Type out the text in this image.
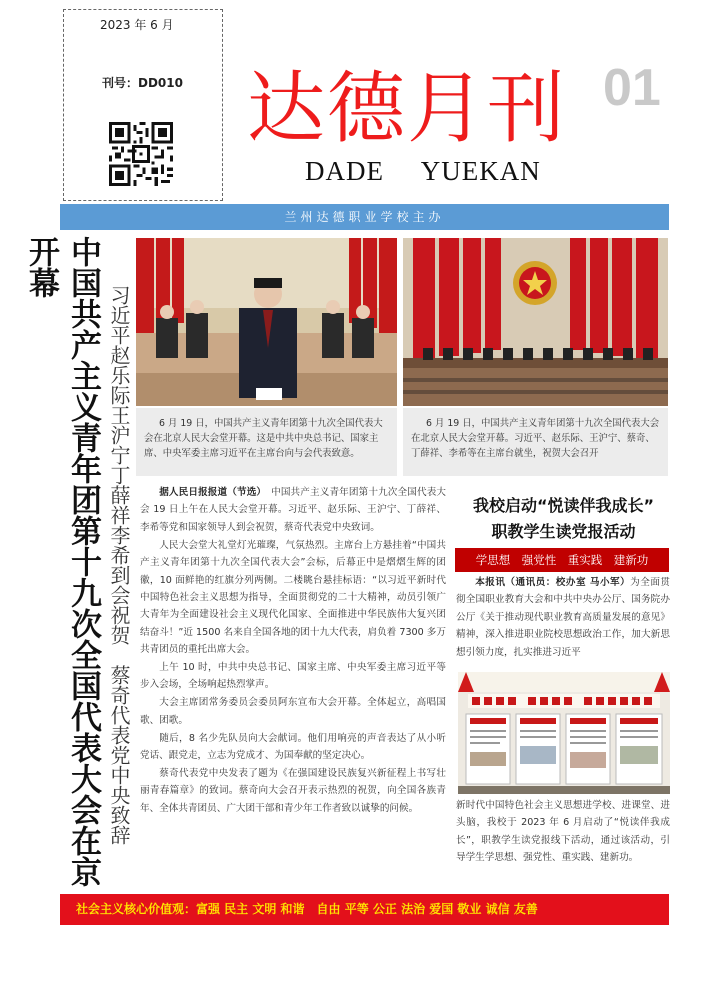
2023 年 6 月
刊号：DD010 达德月刊
DADE YUEKAN
01
兰州达德职业学校主办
中国共产主义青年团第十九次全国代表大会在京开幕
习近平赵乐际王沪宁丁薛祥李希到会祝贺　蔡奇代表党中央致辞	6 月 19 日，中国共产主义青年团第十九次全国代表大会在北京人民大会堂开幕。这是中共中央总书记、国家主席、中央军委主席习近平在主席台向与会代表致意。
6 月 19 日，中国共产主义青年团第十九次全国代表大会在北京人民大会堂开幕。习近平、赵乐际、王沪宁、蔡奇、丁薛祥、李希等在主席台就坐，祝贺大会召开

据人民日报报道（节选）　 中国共产主义青年团第十九次全国代表大会 19 日上午在人民大会堂开幕。习近平、赵乐际、王沪宁、丁薛祥、李希等党和国家领导人到会祝贺，蔡奇代表党中央致词。

人民大会堂大礼堂灯光璀璨，气氛热烈。主席台上方悬挂着“中国共产主义青年团第十九次全国代表大会”会标，后幕正中是熠熠生辉的团徽，10 面鲜艳的红旗分列两侧。二楼眺台悬挂标语：“以习近平新时代中国特色社会主义思想为指导，全面贯彻党的二十大精神，动员引领广大青年为全面建设社会主义现代化国家、全面推进中华民族伟大复兴团结奋斗！”近 1500 名来自全国各地的团十九大代表，肩负着 7300 多万共青团员的重托出席大会。

上午 10 时，中共中央总书记、国家主席、中央军委主席习近平等步入会场，全场响起热烈掌声。

大会主席团常务委员会委员阿东宣布大会开幕。全体起立，高唱国歌、团歌。

随后，8 名少先队员向大会献词。他们用响亮的声音表达了从小听党话、跟党走，立志为党成才、为国奉献的坚定决心。

蔡奇代表党中央发表了题为《在强国建设民族复兴新征程上书写壮丽青春篇章》的致词。蔡奇向大会召开表示热烈的祝贺，向全国各族青年、全体共青团员、广大团干部和青少年工作者致以诚挚的问候。

我校启动“悦读伴我成长”
职教学生读党报活动
学思想　强党性　重实践　建新功
本报讯（通讯员：校办室 马小军）为全面贯彻全国职业教育大会和中共中央办公厅、国务院办公厅《关于推动现代职业教育高质量发展的意见》精神，深入推进职业院校思想政治工作，加大新思想引领力度，扎实推进习近平
新时代中国特色社会主义思想进学校、进课堂、进头脑，我校于 2023 年 6 月启动了“悦读伴我成长”，职教学生读党报线下活动，通过该活动，引导学生学思想、强党性、重实践、建新功。
社会主义核心价值观：富强 民主 文明 和谐　自由 平等 公正 法治 爱国 敬业 诚信 友善
